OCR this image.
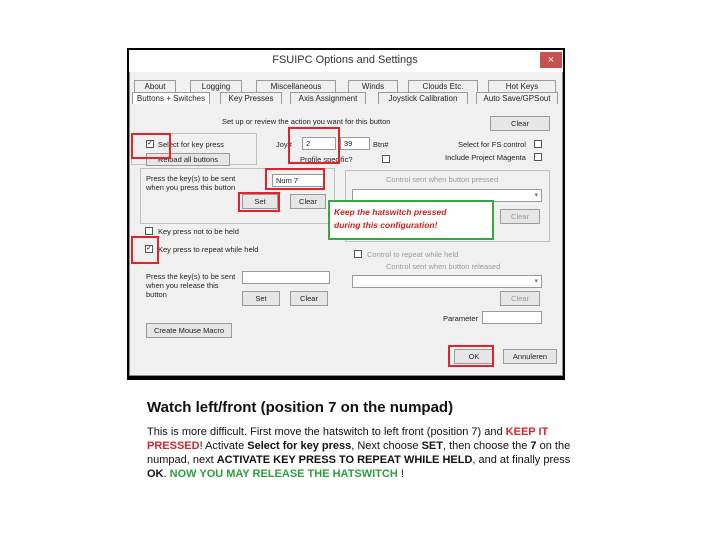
FSUIPC Options and Settings	×
About	Logging	Miscellaneous	Winds	Clouds Etc.	Hot Keys
Buttons + Switches	Key Presses	Axis Assignment	Joystick Calibration	Auto Save/GPSout
Set up or review the action you want for this button	Clear
✓ Select for key press
Reload all buttons
Joy#	2	39	Btn#	Select for FS control
Profile specific?	Include Project Magenta
Press the key(s) to be sent when you press this button
Num 7
Set	Clear
Control sent when button pressed
▾
Clear
Keep the hatswitch pressed
during this configuration!
Key press not to be held
✓ Key press to repeat while held
Control to repeat while held
Control sent when button released
▾
Clear
Parameter
Press the key(s) to be sent when you release this button	Set	Clear
Create Mouse Macro
OK	Annuleren
Watch left/front (position 7 on the numpad)
This is more difficult. First move the hatswitch to left front (position 7) and KEEP IT PRESSED! Activate Select for key press, Next choose SET, then choose the 7 on the numpad, next ACTIVATE KEY PRESS TO REPEAT WHILE HELD, and at finally press OK. NOW YOU MAY RELEASE THE HATSWITCH !
